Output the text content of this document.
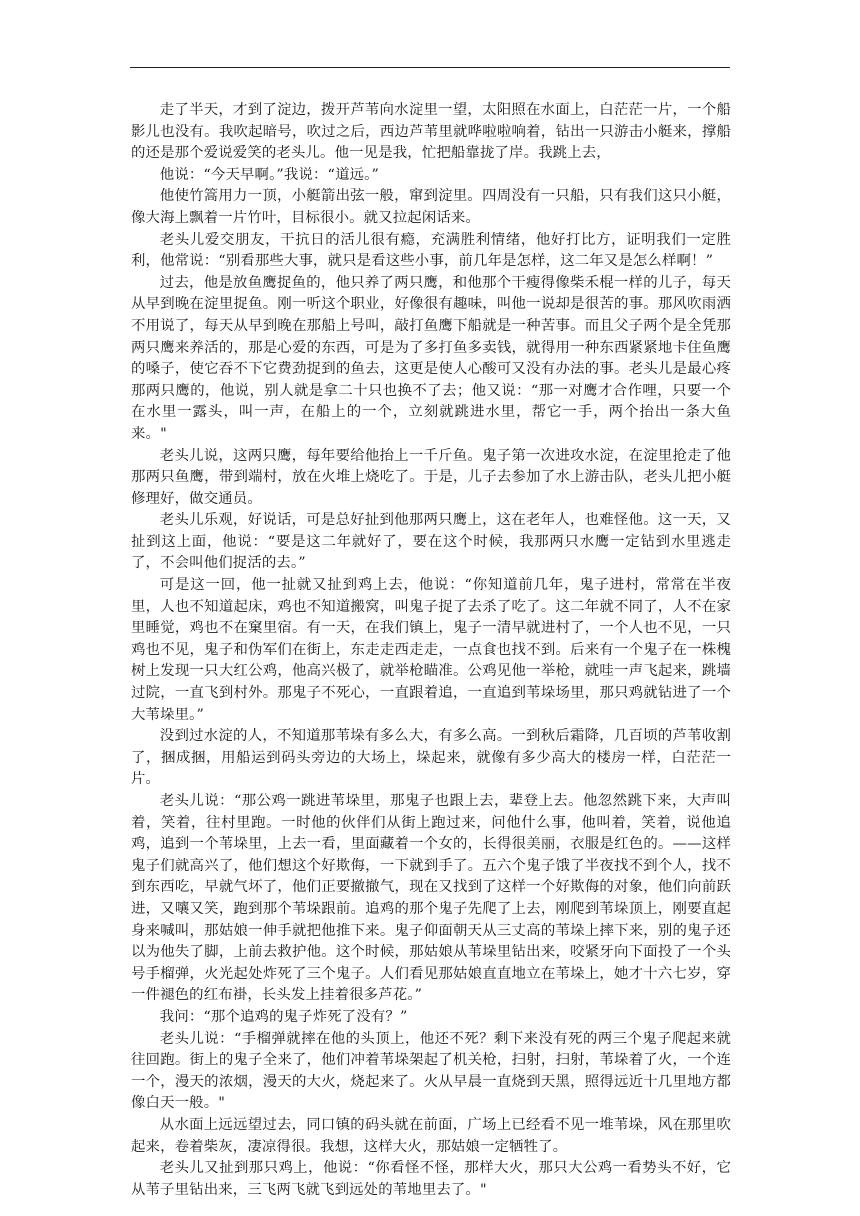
走了半天，才到了淀边，拨开芦苇向水淀里一望，太阳照在水面上，白茫茫一片，一个船影儿也没有。我吹起暗号，吹过之后，西边芦苇里就哗啦啦响着，钻出一只游击小艇来，撑船的还是那个爱说爱笑的老头儿。他一见是我，忙把船靠拢了岸。我跳上去，

他说：“今天早啊。”我说：“道远。”

他使竹篙用力一顶，小艇箭出弦一般，窜到淀里。四周没有一只船，只有我们这只小艇，像大海上飘着一片竹叶，目标很小。就又拉起闲话来。

老头儿爱交朋友，干抗日的活儿很有瘾，充满胜利情绪，他好打比方，证明我们一定胜利，他常说：“别看那些大事，就只是看这些小事，前几年是怎样，这二年又是怎么样啊！”

过去，他是放鱼鹰捉鱼的，他只养了两只鹰，和他那个干瘦得像柴禾棍一样的儿子，每天从早到晚在淀里捉鱼。刚一听这个职业，好像很有趣味，叫他一说却是很苦的事。那风吹雨洒不用说了，每天从早到晚在那船上号叫，敲打鱼鹰下船就是一种苦事。而且父子两个是全凭那两只鹰来养活的，那是心爱的东西，可是为了多打鱼多卖钱，就得用一种东西紧紧地卡住鱼鹰的嗓子，使它吞不下它费劲捉到的鱼去，这更是使人心酸可又没有办法的事。老头儿是最心疼那两只鹰的，他说，别人就是拿二十只也换不了去；他又说：“那一对鹰才合作哩，只要一个在水里一露头，叫一声，在船上的一个，立刻就跳进水里，帮它一手，两个抬出一条大鱼来。"

老头儿说，这两只鹰，每年要给他抬上一千斤鱼。鬼子第一次进攻水淀，在淀里抢走了他那两只鱼鹰，带到端村，放在火堆上烧吃了。于是，儿子去参加了水上游击队，老头儿把小艇修理好，做交通员。

老头儿乐观，好说话，可是总好扯到他那两只鹰上，这在老年人，也难怪他。这一天，又扯到这上面，他说：“要是这二年就好了，要在这个时候，我那两只水鹰一定钻到水里逃走了，不会叫他们捉活的去。”

可是这一回，他一扯就又扯到鸡上去，他说：“你知道前几年，鬼子进村，常常在半夜里，人也不知道起床，鸡也不知道搬窝，叫鬼子捉了去杀了吃了。这二年就不同了，人不在家里睡觉，鸡也不在窠里宿。有一天，在我们镇上，鬼子一清早就进村了，一个人也不见，一只鸡也不见，鬼子和伪军们在街上，东走走西走走，一点食也找不到。后来有一个鬼子在一株槐树上发现一只大红公鸡，他高兴极了，就举枪瞄准。公鸡见他一举枪，就哇一声飞起来，跳墙过院，一直飞到村外。那鬼子不死心，一直跟着追，一直追到苇垛场里，那只鸡就钻进了一个大苇垛里。”

没到过水淀的人，不知道那苇垛有多么大，有多么高。一到秋后霜降，几百顷的芦苇收割了，捆成捆，用船运到码头旁边的大场上，垛起来，就像有多少高大的楼房一样，白茫茫一片。

老头儿说：“那公鸡一跳进苇垛里，那鬼子也跟上去，辈登上去。他忽然跳下来，大声叫着，笑着，往村里跑。一时他的伙伴们从街上跑过来，问他什么事，他叫着，笑着，说他追鸡，追到一个苇垛里，上去一看，里面藏着一个女的，长得很美丽，衣服是红色的。——这样鬼子们就高兴了，他们想这个好欺侮，一下就到手了。五六个鬼子饿了半夜找不到个人，找不到东西吃，早就气坏了，他们正要撤撤气，现在又找到了这样一个好欺侮的对象，他们向前跃进，又嚷又笑，跑到那个苇垛跟前。追鸡的那个鬼子先爬了上去，刚爬到苇垛顶上，刚要直起身来喊叫，那姑娘一伸手就把他推下来。鬼子仰面朝天从三丈高的苇垛上摔下来，别的鬼子还以为他失了脚，上前去救护他。这个时候，那姑娘从苇垛里钻出来，咬紧牙向下面投了一个头号手榴弹，火光起处炸死了三个鬼子。人们看见那姑娘直直地立在苇垛上，她才十六七岁，穿一件褪色的红布褂，长头发上挂着很多芦花。”

我问：“那个追鸡的鬼子炸死了没有？”

老头儿说：“手榴弹就摔在他的头顶上，他还不死？剩下来没有死的两三个鬼子爬起来就往回跑。街上的鬼子全来了，他们冲着苇垛架起了机关枪，扫射，扫射，苇垛着了火，一个连一个，漫天的浓烟，漫天的大火，烧起来了。火从早晨一直烧到天黑，照得远近十几里地方都像白天一般。"

从水面上远远望过去，同口镇的码头就在前面，广场上已经看不见一堆苇垛，风在那里吹起来，卷着柴灰，凄凉得很。我想，这样大火，那姑娘一定牺牲了。

老头儿又扯到那只鸡上，他说：“你看怪不怪，那样大火，那只大公鸡一看势头不好，它从苇子里钻出来，三飞两飞就飞到远处的苇地里去了。"
